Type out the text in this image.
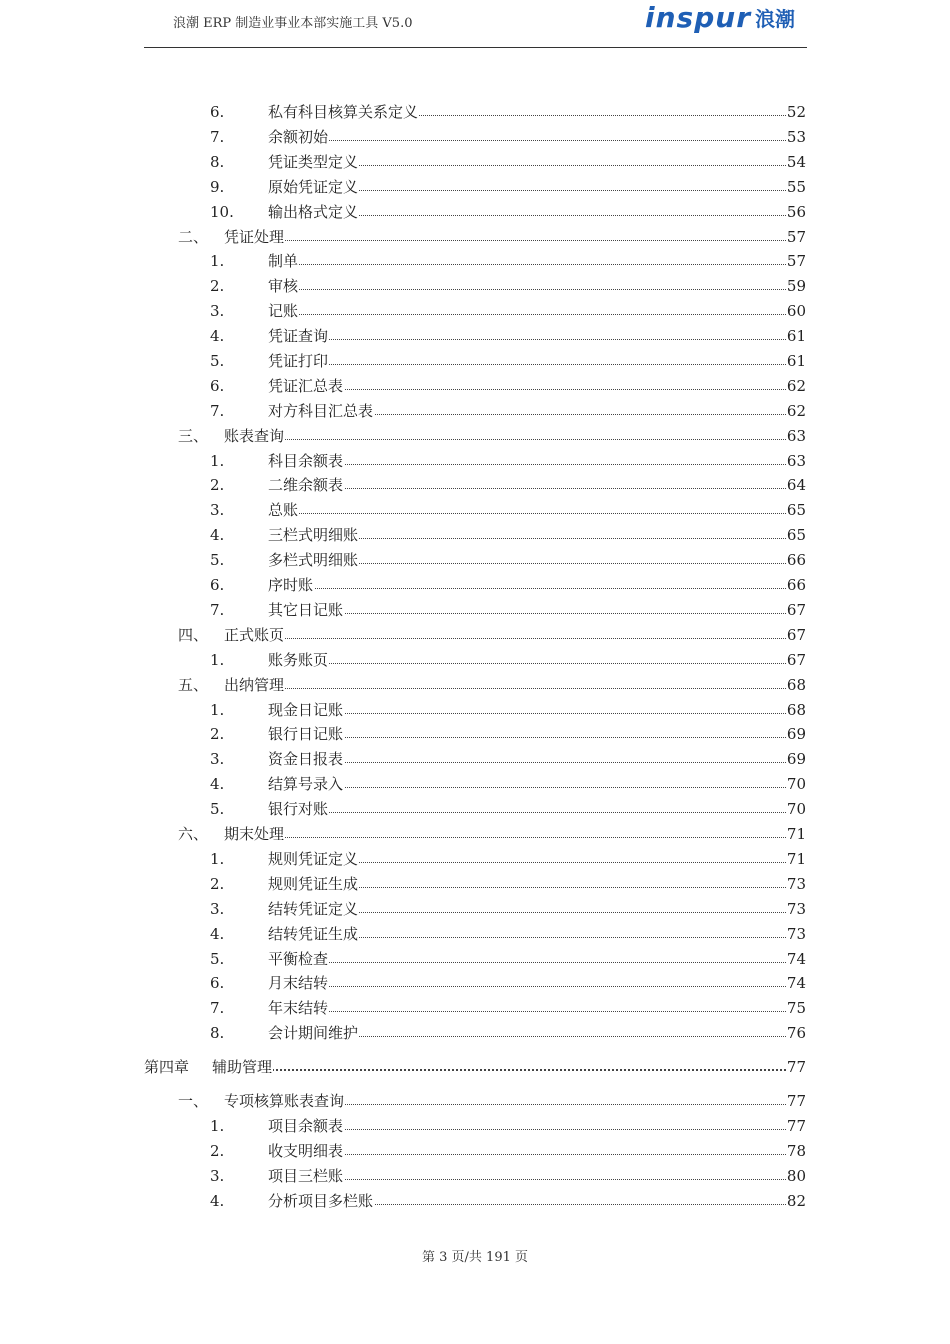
浪潮 ERP 制造业事业本部实施工具 V5.0	inspur 浪潮
6.	私有科目核算关系定义	52
7.	余额初始	53
8.	凭证类型定义	54
9.	原始凭证定义	55
10. 输出格式定义	56
二、 凭证处理	57
1.	制单	57
2.	审核	59
3.	记账	60
4.	凭证查询	61
5.	凭证打印	61
6.	凭证汇总表	62
7.	对方科目汇总表	62
三、 账表查询	63
1.	科目余额表	63
2.	二维余额表	64
3.	总账	65
4.	三栏式明细账	65
5.	多栏式明细账	66
6.	序时账	66
7.	其它日记账	67
四、 正式账页	67
1.	账务账页	67
五、 出纳管理	68
1.	现金日记账	68
2.	银行日记账	69
3.	资金日报表	69
4.	结算号录入	70
5.	银行对账	70
六、 期末处理	71
1.	规则凭证定义	71
2.	规则凭证生成	73
3.	结转凭证定义	73
4.	结转凭证生成	73
5.	平衡检查	74
6.	月末结转	74
7.	年末结转	75
8.	会计期间维护	76
第四章 辅助管理	77
一、 专项核算账表查询	77
1.	项目余额表	77
2.	收支明细表	78
3.	项目三栏账	80
4.	分析项目多栏账	82
第 3 页/共 191 页
